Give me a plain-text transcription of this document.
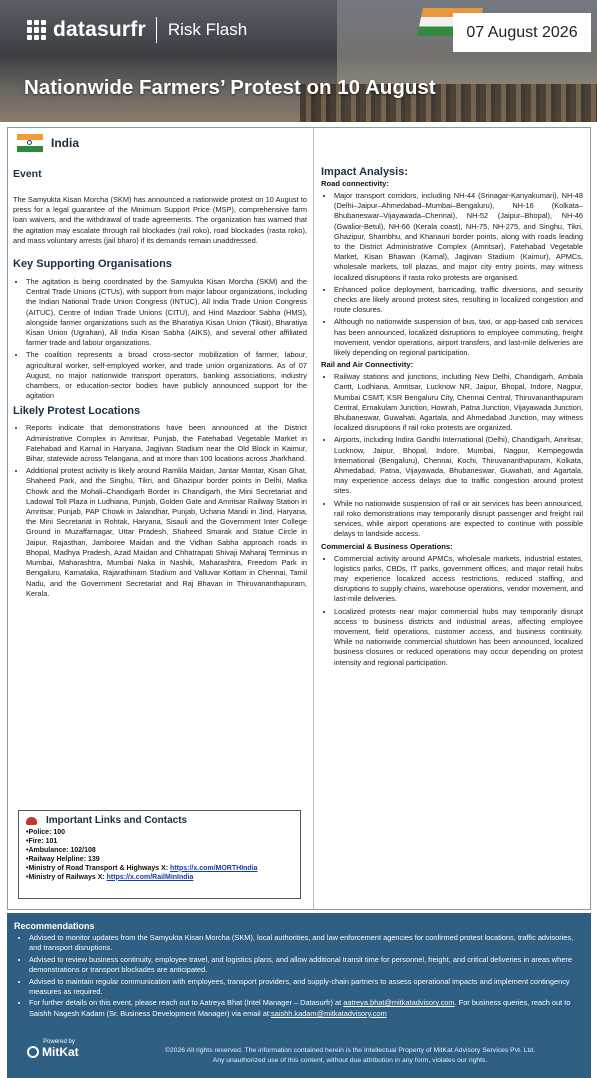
datasurfr Risk Flash	07 August 2026
Nationwide Farmers’ Protest on 10 August
India
Event

The Samyukta Kisan Morcha (SKM) has announced a nationwide protest on 10 August to press for a legal guarantee of the Minimum Support Price (MSP), comprehensive farm loan waivers, and the withdrawal of trade agreements. The organization has warned that the agitation may escalate through rail blockades (rail roko), road blockades (rasta roko), and mass voluntary arrests (jail bharo) if its demands remain unaddressed.

Key Supporting Organisations
• The agitation is being coordinated by the Samyukta Kisan Morcha (SKM) and the Central Trade Unions (CTUs), with support from major labour organizations, including the Indian National Trade Union Congress (INTUC), All India Trade Union Congress (AITUC), Centre of Indian Trade Unions (CITU), and Hind Mazdoor Sabha (HMS), alongside farmer organizations such as the Bharatiya Kisan Union (Tikait), Bharatiya Kisan Union (Ugrahan), All India Kisan Sabha (AIKS), and several other affiliated farmer trade and labour organizations.
• The coalition represents a broad cross-sector mobilization of farmer, labour, agricultural worker, self-employed worker, and trade union organizations. As of 07 August, no major nationwide transport operators, banking associations, industry chambers, or education-sector bodies have publicly announced support for the agitation
Likely Protest Locations
• Reports indicate that demonstrations have been announced at the District Administrative Complex in Amritsar, Punjab, the Fatehabad Vegetable Market in Fatehabad and Karnal in Haryana, Jagjivan Stadium near the Old Block in Kaimur, Bihar, statewide across Telangana, and at more than 100 locations across Jharkhand.
• Additional protest activity is likely around Ramlila Maidan, Jantar Mantar, Kisan Ghat, Shaheed Park, and the Singhu, Tikri, and Ghazipur border points in Delhi, Matka Chowk and the Mohali–Chandigarh Border in Chandigarh, the Mini Secretariat and Ladowal Toll Plaza in Ludhiana, Punjab, Golden Gate and Amritsar Railway Station in Amritsar, Punjab, PAP Chowk in Jalandhar, Punjab, Uchana Mandi in Jind, Haryana, the Mini Secretariat in Rohtak, Haryana, Sisauli and the Government Inter College Ground in Muzaffarnagar, Uttar Pradesh, Shaheed Smarak and Statue Circle in Jaipur, Rajasthan, Jamboree Maidan and the Vidhan Sabha approach roads in Bhopal, Madhya Pradesh, Azad Maidan and Chhatrapati Shivaji Maharaj Terminus in Mumbai, Maharashtra, Mumbai Naka in Nashik, Maharashtra, Freedom Park in Bengaluru, Karnataka, Rajarathinam Stadium and Valluvar Kottam in Chennai, Tamil Nadu, and the Government Secretariat and Raj Bhavan in Thiruvananthapuram, Kerala.
Important Links and Contacts
•Police: 100
•Fire: 101
•Ambulance: 102/108
•Railway Helpline: 139
•Ministry of Road Transport & Highways X: https://x.com/MORTHIndia
•Ministry of Railways X: https://x.com/RailMinIndia
Impact Analysis:
Road connectivity:
• Major transport corridors, including NH-44 (Srinagar-Kanyakumari), NH-48 (Delhi–Jaipur–Ahmedabad–Mumbai–Bengaluru), NH-16 (Kolkata–Bhubaneswar–Vijayawada–Chennai), NH-52 (Jaipur–Bhopal), NH-46 (Gwalior-Betul), NH-66 (Kerala coast), NH-75, NH-275, and Singhu, Tikri, Ghazipur, Shambhu, and Khanauri border points, along with roads leading to the District Administrative Complex (Amritsar), Fatehabad Vegetable Market, Kisan Bhawan (Karnal), Jagjivan Stadium (Kaimur), APMCs, wholesale markets, toll plazas, and major city entry points, may witness localized disruptions if rasta roko protests are organised.
• Enhanced police deployment, barricading, traffic diversions, and security checks are likely around protest sites, resulting in localized congestion and route closures.
• Although no nationwide suspension of bus, taxi, or app-based cab services has been announced, localized disruptions to employee commuting, freight movement, vendor operations, airport transfers, and last-mile deliveries are likely depending on regional participation.
Rail and Air Connectivity:
• Railway stations and junctions, including New Delhi, Chandigarh, Ambala Cantt, Ludhiana, Amritsar, Lucknow NR, Jaipur, Bhopal, Indore, Nagpur, Mumbai CSMT, KSR Bengaluru City, Chennai Central, Thiruvananthapuram Central, Ernakulam Junction, Howrah, Patna Junction, Vijayawada Junction, Bhubaneswar, Guwahati, Agartala, and Ahmedabad Junction, may witness localized disruptions if rail roko protests are organized.
• Airports, including Indira Gandhi International (Delhi), Chandigarh, Amritsar, Lucknow, Jaipur, Bhopal, Indore, Mumbai, Nagpur, Kempegowda International (Bengaluru), Chennai, Kochi, Thiruvananthapuram, Kolkata, Ahmedabad, Patna, Vijayawada, Bhubaneswar, Guwahati, and Agartala, may experience access delays due to traffic congestion around protest sites.
• While no nationwide suspension of rail or air services has been announced, rail roko demonstrations may temporarily disrupt passenger and freight rail services, while airport operations are expected to continue with possible delays to landside access.
Commercial & Business Operations:
• Commercial activity around APMCs, wholesale markets, industrial estates, logistics parks, CBDs, IT parks, government offices, and major retail hubs may experience localized access restrictions, reduced staffing, and disruptions to supply chains, warehouse operations, vendor movement, and last-mile deliveries.
• Localized protests near major commercial hubs may temporarily disrupt access to business districts and industrial areas, affecting employee movement, field operations, customer access, and business continuity. While no nationwide commercial shutdown has been announced, localized business closures or reduced operations may occur depending on protest intensity and regional participation.
Recommendations
• Advised to monitor updates from the Samyukta Kisan Morcha (SKM), local authorities, and law enforcement agencies for confirmed protest locations, traffic advisories, and transport disruptions.
• Advised to review business continuity, employee travel, and logistics plans, and allow additional transit time for personnel, freight, and critical deliveries in areas where demonstrations or transport blockades are anticipated.
• Advised to maintain regular communication with employees, transport providers, and supply-chain partners to assess operational impacts and implement contingency measures as required.
• For further details on this event, please reach out to Aatreya Bhat (Intel Manager – Datasurfr) at aatreya.bhat@mitkatadvisory.com. For business queries, reach out to Saishh Nagesh Kadam (Sr. Business Development Manager) via email at:saishh.kadam@mitkatadvisory.com
Powered by
MitKat	©2026 All rights reserved. The information contained herein is the Intellectual Property of MitKat Advisory Services Pvt. Ltd.
Any unauthorized use of this content, without due attribution in any form, violates our rights.
